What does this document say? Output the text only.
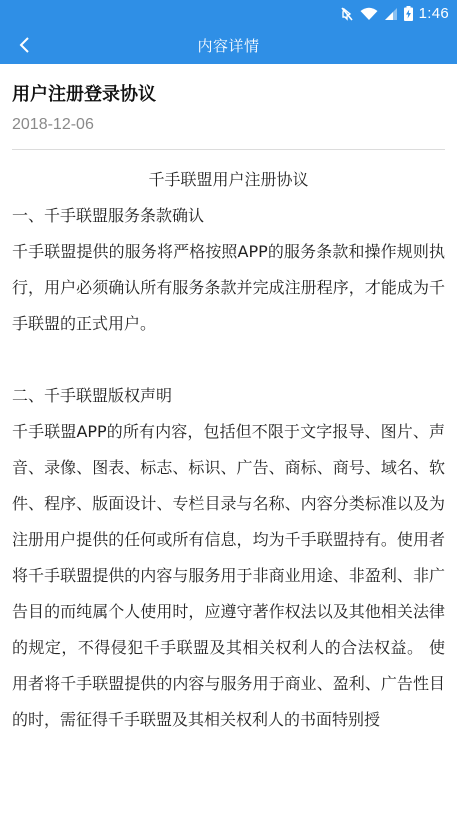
1:46
内容详情
用户注册登录协议
2018-12-06
千手联盟用户注册协议
一、千手联盟服务条款确认
千手联盟提供的服务将严格按照APP的服务条款和操作规则执行，用户必须确认所有服务条款并完成注册程序，才能成为千手联盟的正式用户。
二、千手联盟版权声明
千手联盟APP的所有内容，包括但不限于文字报导、图片、声音、录像、图表、标志、标识、广告、商标、商号、域名、软件、程序、版面设计、专栏目录与名称、内容分类标准以及为注册用户提供的任何或所有信息，均为千手联盟持有。使用者将千手联盟提供的内容与服务用于非商业用途、非盈利、非广告目的而纯属个人使用时，应遵守著作权法以及其他相关法律的规定，不得侵犯千手联盟及其相关权利人的合法权益。 使用者将千手联盟提供的内容与服务用于商业、盈利、广告性目的时，需征得千手联盟及其相关权利人的书面特别授
